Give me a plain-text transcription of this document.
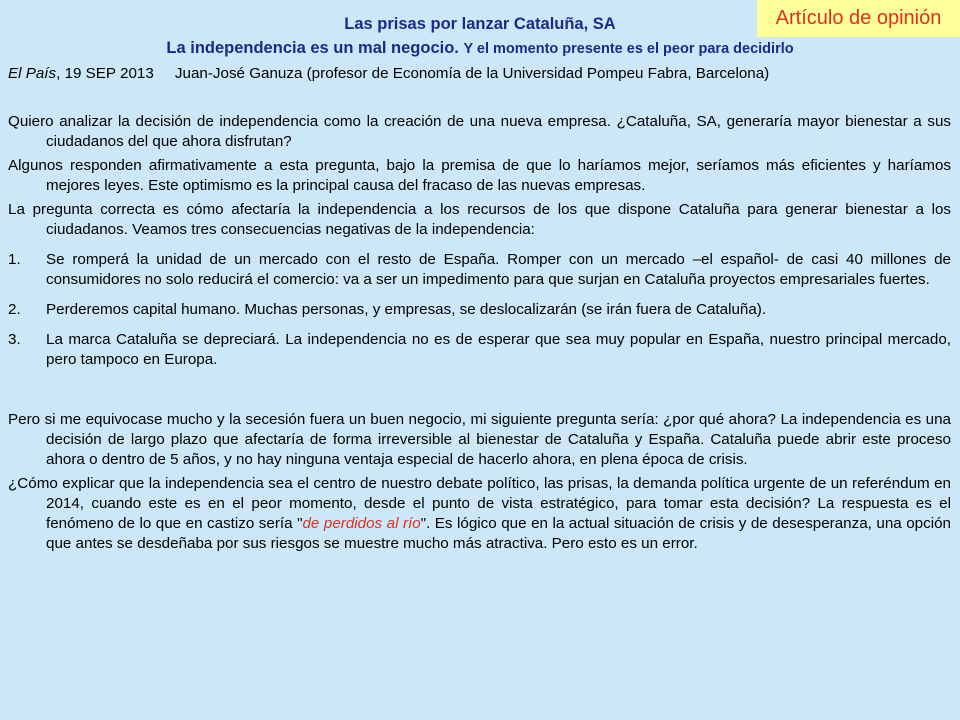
Artículo de opinión
Las prisas por lanzar Cataluña, SA
La independencia es un mal negocio. Y el momento presente es el peor para decidirlo
El País, 19 SEP 2013 Juan-José Ganuza (profesor de Economía de la Universidad Pompeu Fabra, Barcelona)

Quiero analizar la decisión de independencia como la creación de una nueva empresa. ¿Cataluña, SA, generaría mayor bienestar a sus ciudadanos del que ahora disfrutan?

Algunos responden afirmativamente a esta pregunta, bajo la premisa de que lo haríamos mejor, seríamos más eficientes y haríamos mejores leyes. Este optimismo es la principal causa del fracaso de las nuevas empresas.

La pregunta correcta es cómo afectaría la independencia a los recursos de los que dispone Cataluña para generar bienestar a los ciudadanos. Veamos tres consecuencias negativas de la independencia:

1.	Se romperá la unidad de un mercado con el resto de España. Romper con un mercado –el español- de casi 40 millones de consumidores no solo reducirá el comercio: va a ser un impedimento para que surjan en Cataluña proyectos empresariales fuertes.
2.	Perderemos capital humano. Muchas personas, y empresas, se deslocalizarán (se irán fuera de Cataluña).
3.	La marca Cataluña se depreciará. La independencia no es de esperar que sea muy popular en España, nuestro principal mercado, pero tampoco en Europa.

Pero si me equivocase mucho y la secesión fuera un buen negocio, mi siguiente pregunta sería: ¿por qué ahora? La independencia es una decisión de largo plazo que afectaría de forma irreversible al bienestar de Cataluña y España. Cataluña puede abrir este proceso ahora o dentro de 5 años, y no hay ninguna ventaja especial de hacerlo ahora, en plena época de crisis.

¿Cómo explicar que la independencia sea el centro de nuestro debate político, las prisas, la demanda política urgente de un referéndum en 2014, cuando este es en el peor momento, desde el punto de vista estratégico, para tomar esta decisión? La respuesta es el fenómeno de lo que en castizo sería "de perdidos al río". Es lógico que en la actual situación de crisis y de desesperanza, una opción que antes se desdeñaba por sus riesgos se muestre mucho más atractiva. Pero esto es un error.
